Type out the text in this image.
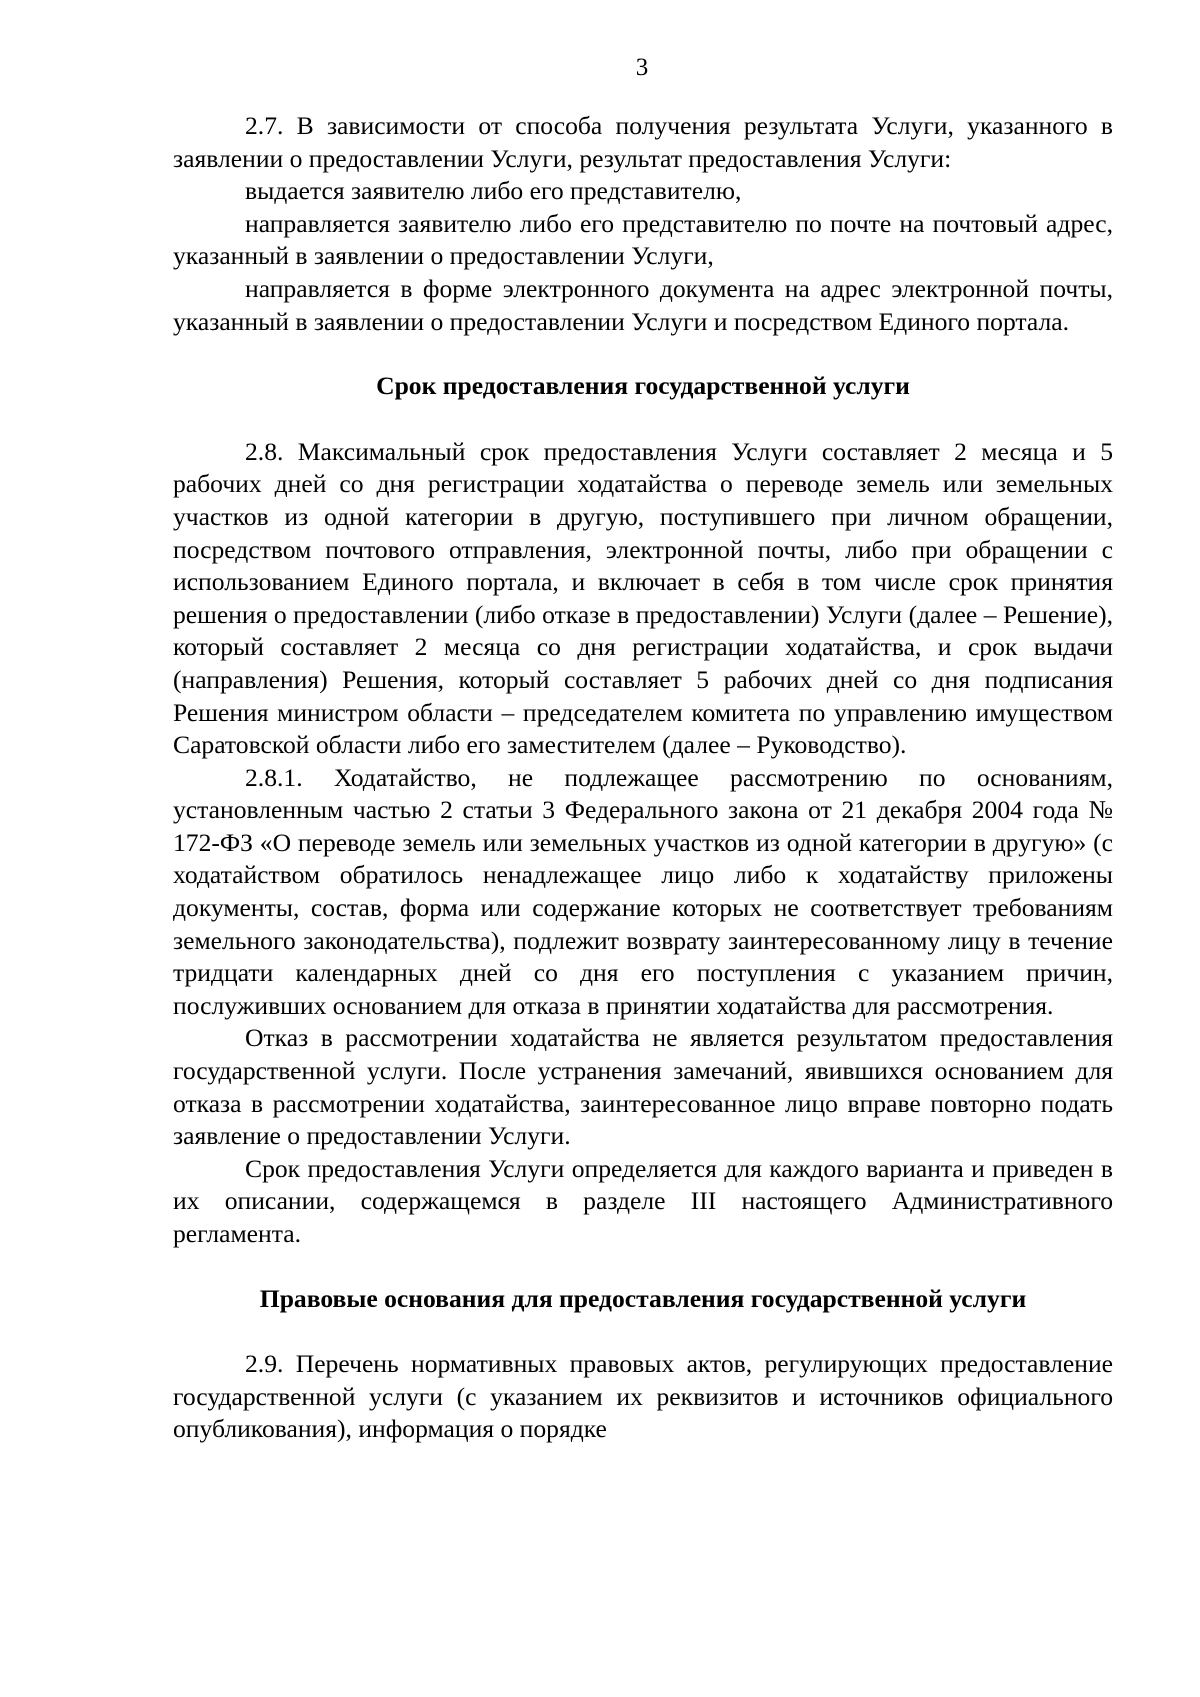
3

2.7. В зависимости от способа получения результата Услуги, указанного в заявлении о предоставлении Услуги, результат предоставления Услуги:

выдается заявителю либо его представителю,

направляется заявителю либо его представителю по почте на почтовый адрес, указанный в заявлении о предоставлении Услуги,

направляется в форме электронного документа на адрес электронной почты, указанный в заявлении о предоставлении Услуги и посредством Единого портала.

Срок предоставления государственной услуги

2.8. Максимальный срок предоставления Услуги составляет 2 месяца и 5 рабочих дней со дня регистрации ходатайства о переводе земель или земельных участков из одной категории в другую, поступившего при личном обращении, посредством почтового отправления, электронной почты, либо при обращении с использованием Единого портала, и включает в себя в том числе срок принятия решения о предоставлении (либо отказе в предоставлении) Услуги (далее – Решение), который составляет 2 месяца со дня регистрации ходатайства, и срок выдачи (направления) Решения, который составляет 5 рабочих дней со дня подписания Решения министром области – председателем комитета по управлению имуществом Саратовской области либо его заместителем (далее – Руководство).

2.8.1. Ходатайство, не подлежащее рассмотрению по основаниям, установленным частью 2 статьи 3 Федерального закона от 21 декабря 2004 года № 172-ФЗ «О переводе земель или земельных участков из одной категории в другую» (с ходатайством обратилось ненадлежащее лицо либо к ходатайству приложены документы, состав, форма или содержание которых не соответствует требованиям земельного законодательства), подлежит возврату заинтересованному лицу в течение тридцати календарных дней со дня его поступления с указанием причин, послуживших основанием для отказа в принятии ходатайства для рассмотрения.

Отказ в рассмотрении ходатайства не является результатом предоставления государственной услуги. После устранения замечаний, явившихся основанием для отказа в рассмотрении ходатайства, заинтересованное лицо вправе повторно подать заявление о предоставлении Услуги.

Срок предоставления Услуги определяется для каждого варианта и приведен в их описании, содержащемся в разделе III настоящего Административного регламента.

Правовые основания для предоставления государственной услуги

2.9. Перечень нормативных правовых актов, регулирующих предоставление государственной услуги (с указанием их реквизитов и источников официального опубликования), информация о порядке
